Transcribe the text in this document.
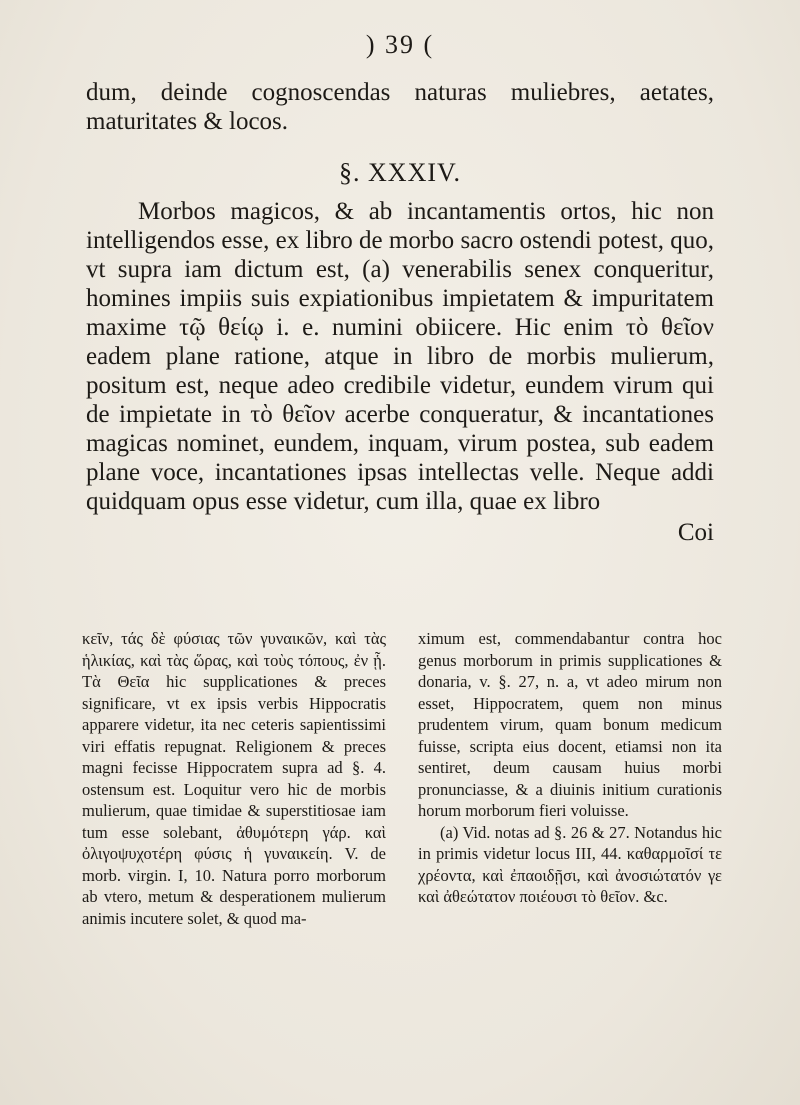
) 39 (

dum, deinde cognoscendas naturas muliebres, aetates, maturitates & locos.

§. XXXIV.

Morbos magicos, & ab incantamentis ortos, hic non intelligendos esse, ex libro de morbo sacro ostendi potest, quo, vt supra iam dictum est, (a) venerabilis senex conqueritur, homines impiis suis expiationibus impietatem & impuritatem maxime τῷ θείῳ i. e. numini obiicere. Hic enim τὸ θεῖον eadem plane ratione, atque in libro de morbis mulierum, positum est, neque adeo credibile videtur, eundem virum qui de impietate in τὸ θεῖον acerbe conqueratur, & incantationes magicas nominet, eundem, inquam, virum postea, sub eadem plane voce, incantationes ipsas intellectas velle. Neque addi quidquam opus esse videtur, cum illa, quae ex libro

Coi

κεῖν, τάς δὲ φύσιας τῶν γυναικῶν, καὶ τὰς ἡλικίας, καὶ τὰς ὥρας, καὶ τοὺς τόπους, ἐν ᾗ. Τὰ Θεῖα hic supplicationes & preces significare, vt ex ipsis verbis Hippocratis apparere videtur, ita nec ceteris sapientissimi viri effatis repugnat. Religionem & preces magni fecisse Hippocratem supra ad §. 4. ostensum est. Loquitur vero hic de morbis mulierum, quae timidae & superstitiosae iam tum esse solebant, ἀθυμότερη γάρ. καὶ ὀλιγοψυχοτέρη φύσις ἡ γυναικείη. V. de morb. virgin. I, 10. Natura porro morborum ab vtero, metum & desperationem mulierum animis incutere solet, & quod ma-

ximum est, commendabantur contra hoc genus morborum in primis supplicationes & donaria, v. §. 27, n. a, vt adeo mirum non esset, Hippocratem, quem non minus prudentem virum, quam bonum medicum fuisse, scripta eius docent, etiamsi non ita sentiret, deum causam huius morbi pronunciasse, & a diuinis initium curationis horum morborum fieri voluisse.

(a) Vid. notas ad §. 26 & 27. Notandus hic in primis videtur locus III, 44. καθαρμοῖσί τε χρέοντα, καὶ ἐπαοιδῇσι, καὶ ἀνοσιώτατόν γε καὶ ἀθεώτατον ποιέουσι τὸ θεῖον. &c.
